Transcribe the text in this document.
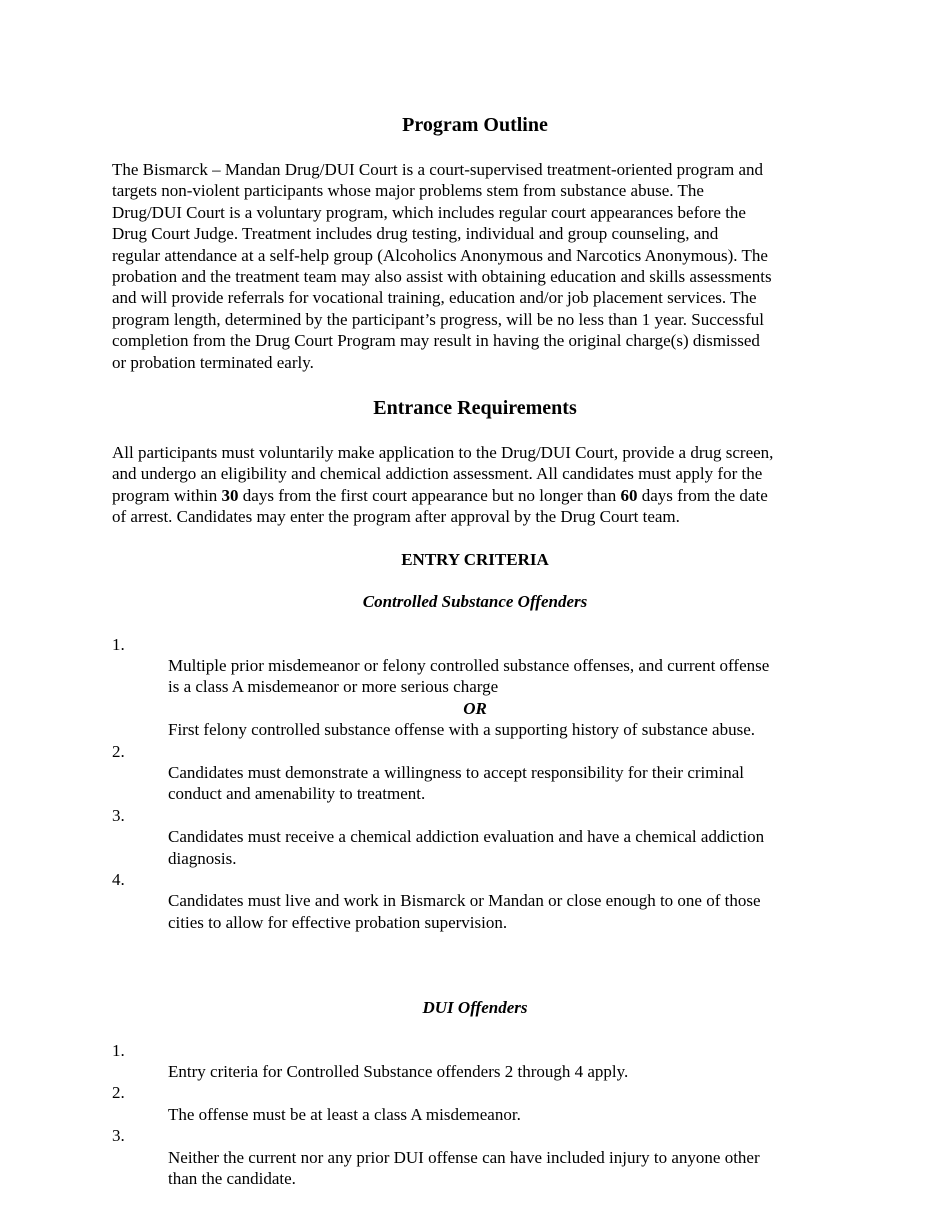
Program Outline

The Bismarck – Mandan Drug/DUI Court is a court-supervised treatment-oriented program and
targets non-violent participants whose major problems stem from substance abuse. The
Drug/DUI Court is a voluntary program, which includes regular court appearances before the
Drug Court Judge. Treatment includes drug testing, individual and group counseling, and
regular attendance at a self-help group (Alcoholics Anonymous and Narcotics Anonymous). The
probation and the treatment team may also assist with obtaining education and skills assessments
and will provide referrals for vocational training, education and/or job placement services. The
program length, determined by the participant’s progress, will be no less than 1 year. Successful
completion from the Drug Court Program may result in having the original charge(s) dismissed
or probation terminated early.

Entrance Requirements

All participants must voluntarily make application to the Drug/DUI Court, provide a drug screen,
and undergo an eligibility and chemical addiction assessment. All candidates must apply for the
program within 30 days from the first court appearance but no longer than 60 days from the date
of arrest. Candidates may enter the program after approval by the Drug Court team.

ENTRY CRITERIA
Controlled Substance Offenders

1.
Multiple prior misdemeanor or felony controlled substance offenses, and current offense
is a class A misdemeanor or more serious charge

OR
First felony controlled substance offense with a supporting history of substance abuse.

2.
Candidates must demonstrate a willingness to accept responsibility for their criminal
conduct and amenability to treatment.

3.
Candidates must receive a chemical addiction evaluation and have a chemical addiction
diagnosis.

4.
Candidates must live and work in Bismarck or Mandan or close enough to one of those
cities to allow for effective probation supervision.

DUI Offenders

1.
Entry criteria for Controlled Substance offenders 2 through 4 apply.

2.
The offense must be at least a class A misdemeanor.

3.
Neither the current nor any prior DUI offense can have included injury to anyone other
than the candidate.
